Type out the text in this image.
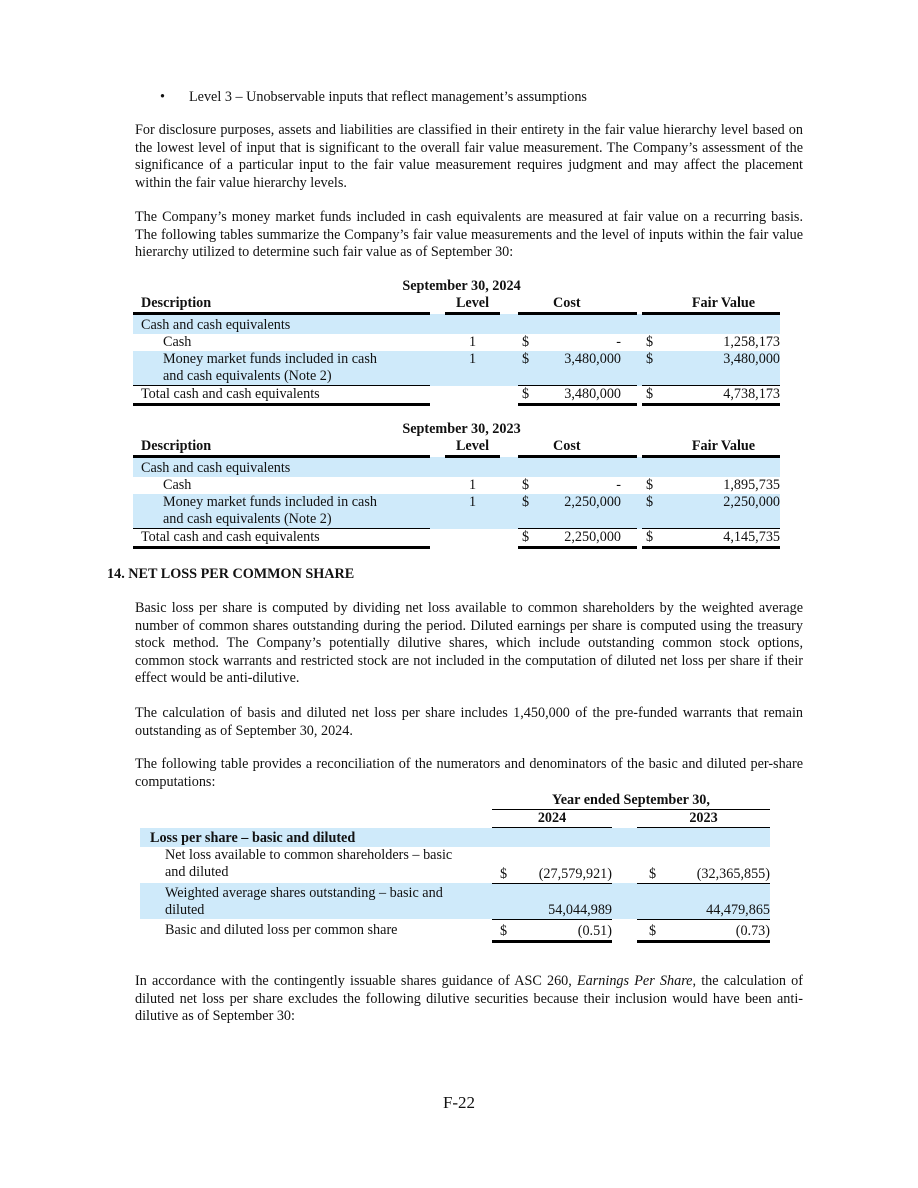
• Level 3 – Unobservable inputs that reflect management’s assumptions
For disclosure purposes, assets and liabilities are classified in their entirety in the fair value hierarchy level based on the lowest level of input that is significant to the overall fair value measurement. The Company’s assessment of the significance of a particular input to the fair value measurement requires judgment and may affect the placement within the fair value hierarchy levels.
The Company’s money market funds included in cash equivalents are measured at fair value on a recurring basis. The following tables summarize the Company’s fair value measurements and the level of inputs within the fair value hierarchy utilized to determine such fair value as of September 30:
September 30, 2024								
Description		Level			Cost			Fair Value
Cash and cash equivalents								
Cash		1		$	-		$	1,258,173
Money market funds included in cash and cash equivalents (Note 2)		1		$	3,480,000		$	3,480,000
Total cash and cash equivalents				$	3,480,000		$	4,738,173
September 30, 2023								
Description		Level			Cost			Fair Value
Cash and cash equivalents								
Cash		1		$	-		$	1,895,735
Money market funds included in cash and cash equivalents (Note 2)		1		$	2,250,000		$	2,250,000
Total cash and cash equivalents				$	2,250,000		$	4,145,735
14. NET LOSS PER COMMON SHARE
Basic loss per share is computed by dividing net loss available to common shareholders by the weighted average number of common shares outstanding during the period. Diluted earnings per share is computed using the treasury stock method. The Company’s potentially dilutive shares, which include outstanding common stock options, common stock warrants and restricted stock are not included in the computation of diluted net loss per share if their effect would be anti-dilutive.
The calculation of basis and diluted net loss per share includes 1,450,000 of the pre-funded warrants that remain outstanding as of September 30, 2024.
The following table provides a reconciliation of the numerators and denominators of the basic and diluted per-share computations:
	Year ended September 30,				
	2024			2023	
Loss per share – basic and diluted					
Net loss available to common shareholders – basic and diluted	$	(27,579,921)		$	(32,365,855)
Weighted average shares outstanding – basic and diluted		54,044,989			44,479,865
Basic and diluted loss per common share	$	(0.51)		$	(0.73)
In accordance with the contingently issuable shares guidance of ASC 260, Earnings Per Share, the calculation of diluted net loss per share excludes the following dilutive securities because their inclusion would have been anti-dilutive as of September 30:
F-22
